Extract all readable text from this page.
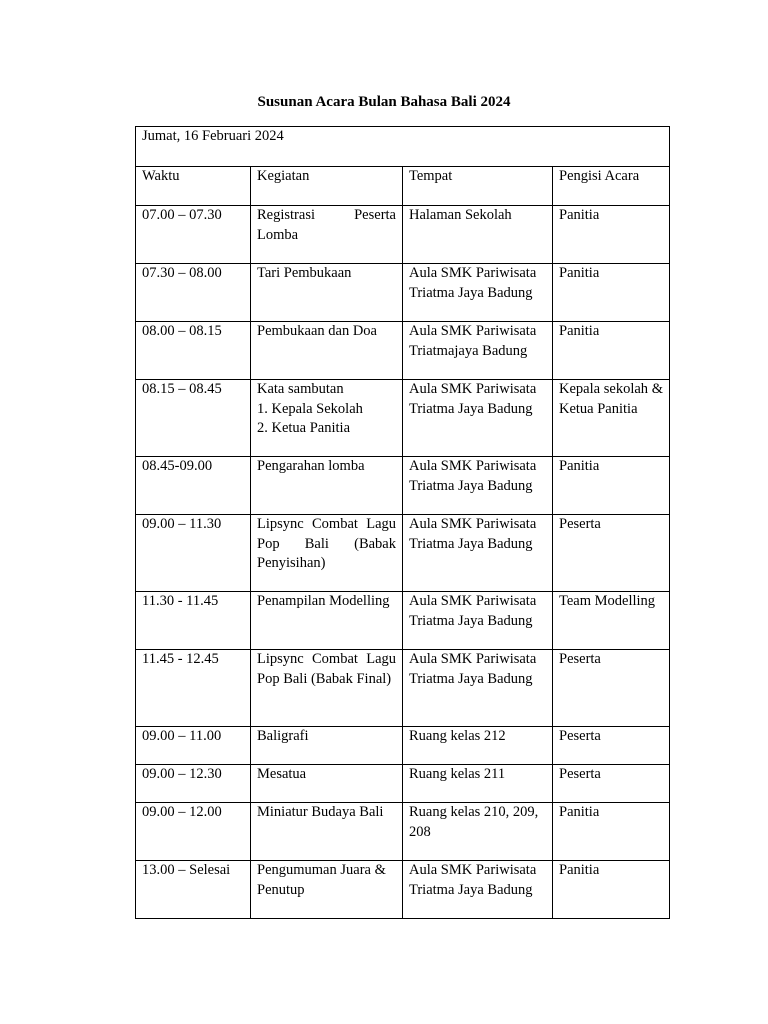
Susunan Acara Bulan Bahasa Bali 2024
Jumat, 16 Februari 2024			
Waktu	Kegiatan	Tempat	Pengisi Acara
07.00 – 07.30	Registrasi Peserta Lomba	Halaman Sekolah	Panitia
07.30 – 08.00	Tari Pembukaan	Aula SMK Pariwisata Triatma Jaya Badung	Panitia
08.00 – 08.15	Pembukaan dan Doa	Aula SMK Pariwisata Triatmajaya Badung	Panitia
08.15 – 08.45	Kata sambutan
1. Kepala Sekolah
2. Ketua Panitia	Aula SMK Pariwisata Triatma Jaya Badung	Kepala sekolah & Ketua Panitia
08.45-09.00	Pengarahan lomba	Aula SMK Pariwisata Triatma Jaya Badung	Panitia
09.00 – 11.30	Lipsync Combat Lagu Pop Bali (Babak Penyisihan)	Aula SMK Pariwisata Triatma Jaya Badung	Peserta
11.30 - 11.45	Penampilan Modelling	Aula SMK Pariwisata Triatma Jaya Badung	Team Modelling
11.45 - 12.45	Lipsync Combat Lagu Pop Bali (Babak Final)	Aula SMK Pariwisata Triatma Jaya Badung	Peserta
09.00 – 11.00	Baligrafi	Ruang kelas 212	Peserta
09.00 – 12.30	Mesatua	Ruang kelas 211	Peserta
09.00 – 12.00	Miniatur Budaya Bali	Ruang kelas 210, 209, 208	Panitia
13.00 – Selesai	Pengumuman Juara & Penutup	Aula SMK Pariwisata Triatma Jaya Badung	Panitia
